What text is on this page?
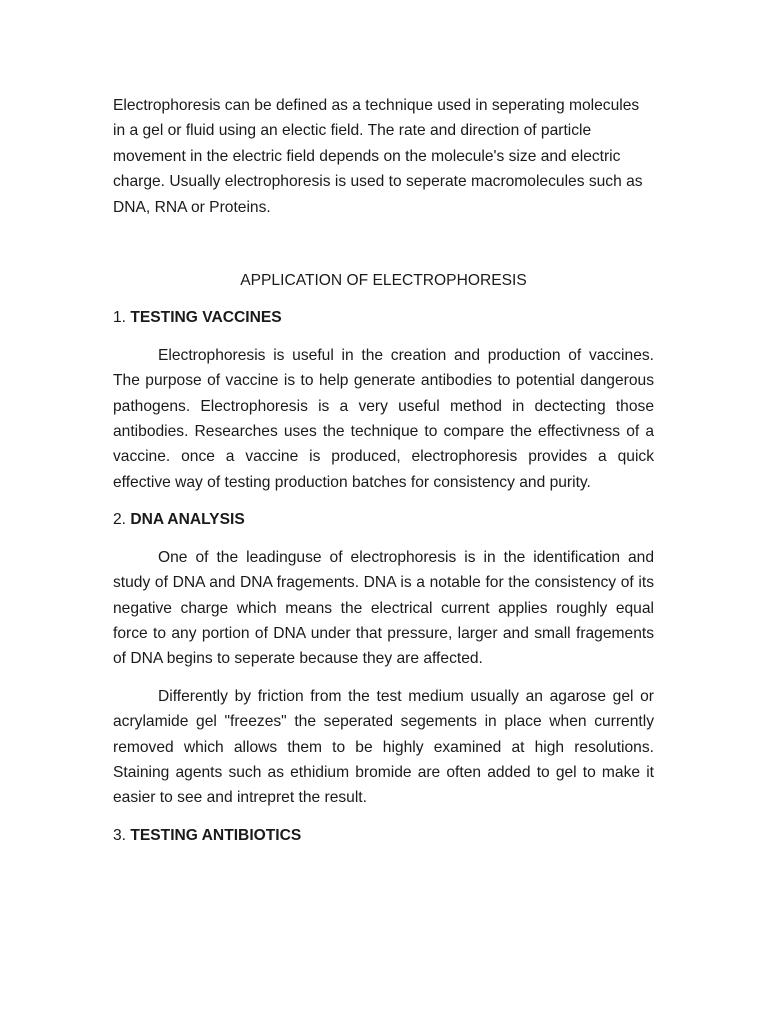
Electrophoresis can be defined as a technique used in seperating molecules in a gel or fluid using an electic field. The rate and direction of particle movement in the electric field depends on the molecule's size and electric charge. Usually electrophoresis is used to seperate macromolecules such as DNA, RNA or Proteins.

APPLICATION OF ELECTROPHORESIS

1. TESTING VACCINES

Electrophoresis is useful in the creation and production of vaccines. The purpose of vaccine is to help generate antibodies to potential dangerous pathogens. Electrophoresis is a very useful method in dectecting those antibodies. Researches uses the technique to compare the effectivness of a vaccine. once a vaccine is produced, electrophoresis provides a quick effective way of testing production batches for consistency and purity.

2. DNA ANALYSIS

One of the leadinguse of electrophoresis is in the identification and study of DNA and DNA fragements. DNA is a notable for the consistency of its negative charge which means the electrical current applies roughly equal force to any portion of DNA under that pressure, larger and small fragements of DNA begins to seperate because they are affected.

Differently by friction from the test medium usually an agarose gel or acrylamide gel "freezes" the seperated segements in place when currently removed which allows them to be highly examined at high resolutions. Staining agents such as ethidium bromide are often added to gel to make it easier to see and intrepret the result.

3. TESTING ANTIBIOTICS
